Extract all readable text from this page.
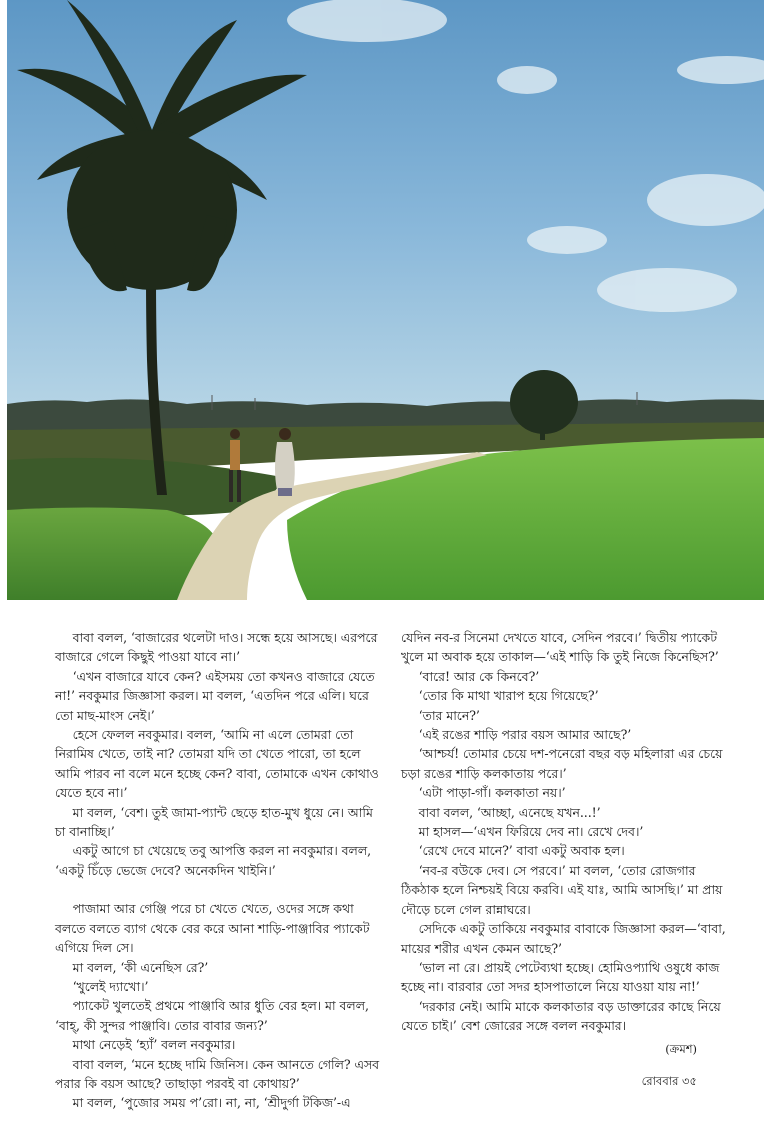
বাবা বলল, ‘বাজারের থলেটা দাও। সন্ধে হয়ে আসছে। এরপরে বাজারে গেলে কিছুই পাওয়া যাবে না।’

‘এখন বাজারে যাবে কেন? এইসময় তো কখনও বাজারে যেতে না!’ নবকুমার জিজ্ঞাসা করল। মা বলল, ‘এতদিন পরে এলি। ঘরে তো মাছ-মাংস নেই।’

হেসে ফেলল নবকুমার। বলল, ‘আমি না এলে তোমরা তো নিরামিষ খেতে, তাই না? তোমরা যদি তা খেতে পারো, তা হলে আমি পারব না বলে মনে হচ্ছে কেন? বাবা, তোমাকে এখন কোথাও যেতে হবে না।’

মা বলল, ‘বেশ। তুই জামা-প্যান্ট ছেড়ে হাত-মুখ ধুয়ে নে। আমি চা বানাচ্ছি।’

একটু আগে চা খেয়েছে তবু আপত্তি করল না নবকুমার। বলল, ‘একটু চিঁড়ে ভেজে দেবে? অনেকদিন খাইনি।’

পাজামা আর গেঞ্জি পরে চা খেতে খেতে, ওদের সঙ্গে কথা বলতে বলতে ব্যাগ থেকে বের করে আনা শাড়ি-পাঞ্জাবির প্যাকেট এগিয়ে দিল সে।

মা বলল, ‘কী এনেছিস রে?’

‘খুলেই দ্যাখো।’

প্যাকেট খুলতেই প্রথমে পাঞ্জাবি আর ধুতি বের হল। মা বলল, ‘বাহ্, কী সুন্দর পাঞ্জাবি। তোর বাবার জন্য?’

মাথা নেড়েই ‘হ্যাঁ’ বলল নবকুমার।

বাবা বলল, ‘মনে হচ্ছে দামি জিনিস। কেন আনতে গেলি? এসব পরার কি বয়স আছে? তাছাড়া পরবই বা কোথায়?’

মা বলল, ‘পুজোর সময় প’রো। না, না, ‘শ্রীদুর্গা টকিজ’-এ

যেদিন নব-র সিনেমা দেখতে যাবে, সেদিন পরবে।’ দ্বিতীয় প্যাকেট খুলে মা অবাক হয়ে তাকাল—‘এই শাড়ি কি তুই নিজে কিনেছিস?’

‘বারে! আর কে কিনবে?’

‘তোর কি মাথা খারাপ হয়ে গিয়েছে?’

‘তার মানে?’

‘এই রঙের শাড়ি পরার বয়স আমার আছে?’

‘আশ্চর্য! তোমার চেয়ে দশ-পনেরো বছর বড় মহিলারা এর চেয়ে চড়া রঙের শাড়ি কলকাতায় পরে।’

‘এটা পাড়া-গাঁ। কলকাতা নয়।’

বাবা বলল, ‘আচ্ছা, এনেছে যখন...!’

মা হাসল—‘এখন ফিরিয়ে দেব না। রেখে দেব।’

‘রেখে দেবে মানে?’ বাবা একটু অবাক হল।

‘নব-র বউকে দেব। সে পরবে।’ মা বলল, ‘তোর রোজগার ঠিকঠাক হলে নিশ্চয়ই বিয়ে করবি। এই যাঃ, আমি আসছি।’ মা প্রায় দৌড়ে চলে গেল রান্নাঘরে।

সেদিকে একটু তাকিয়ে নবকুমার বাবাকে জিজ্ঞাসা করল—‘বাবা, মায়ের শরীর এখন কেমন আছে?’

‘ভাল না রে। প্রায়ই পেটেব্যথা হচ্ছে। হোমিওপ্যাথি ওষুধে কাজ হচ্ছে না। বারবার তো সদর হাসপাতালে নিয়ে যাওয়া যায় না!’

‘দরকার নেই। আমি মাকে কলকাতার বড় ডাক্তারের কাছে নিয়ে যেতে চাই।’ বেশ জোরের সঙ্গে বলল নবকুমার।

(ক্রমশ)
রোববার ৩৫
